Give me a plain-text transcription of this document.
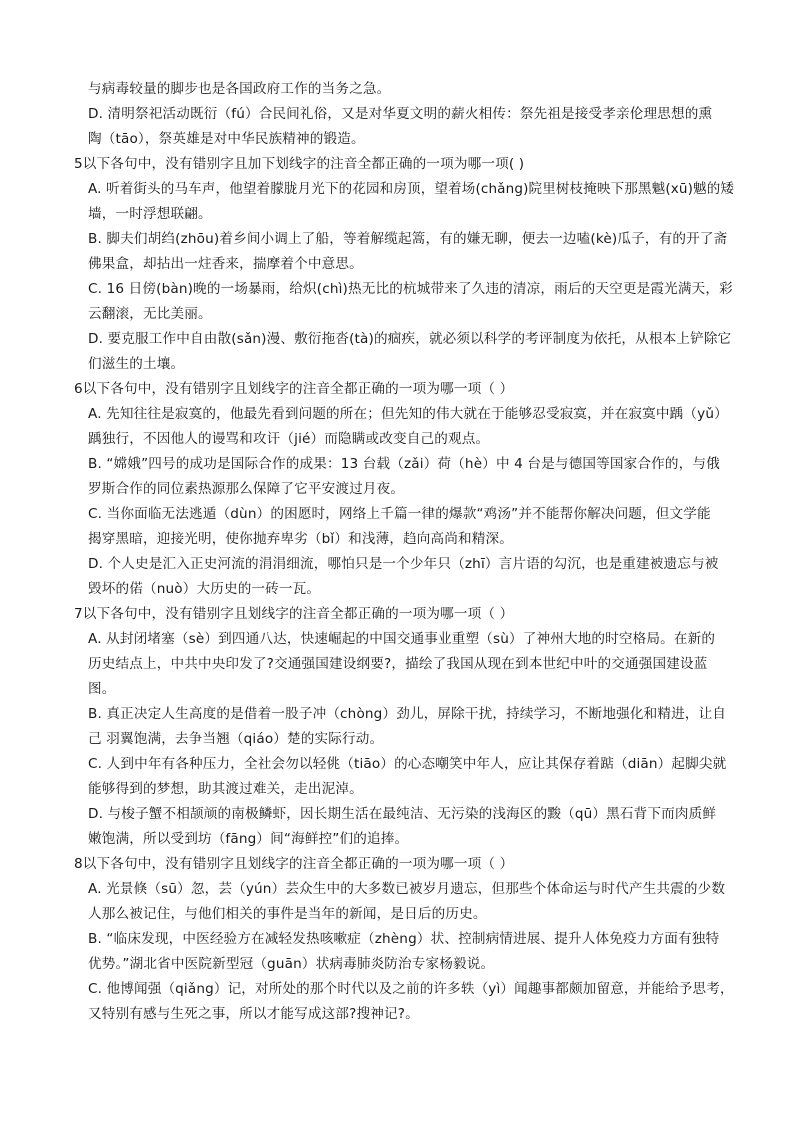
与病毒较量的脚步也是各国政府工作的当务之急。
D. 清明祭祀活动既衍（fú）合民间礼俗，又是对华夏文明的薪火相传：祭先祖是接受孝亲伦理思想的熏
陶（tāo），祭英雄是对中华民族精神的锻造。
5以下各句中，没有错别字且加下划线字的注音全都正确的一项为哪一项( )
A. 听着街头的马车声，他望着朦胧月光下的花园和房顶，望着场(chǎng)院里树枝掩映下那黑魆(xū)魆的矮
墙，一时浮想联翩。
B. 脚夫们胡绉(zhōu)着乡间小调上了船，等着解缆起篙，有的嫌无聊，便去一边嗑(kè)瓜子，有的开了斋
佛果盒，却拈出一炷香来，揣摩着个中意思。
C. 16 日傍(bàn)晚的一场暴雨，给炽(chì)热无比的杭城带来了久违的清凉，雨后的天空更是霞光满天，彩
云翻滚，无比美丽。
D. 要克服工作中自由散(sǎn)漫、敷衍拖沓(tà)的痼疾，就必须以科学的考评制度为依托，从根本上铲除它
们滋生的土壤。
6以下各句中，没有错别字且划线字的注音全都正确的一项为哪一项（ ）
A. 先知往往是寂寞的，他最先看到问题的所在；但先知的伟大就在于能够忍受寂寞，并在寂寞中踽（yǔ）
踽独行，不因他人的谩骂和攻讦（jié）而隐瞒或改变自己的观点。
B. “嫦娥”四号的成功是国际合作的成果：13 台载（zǎi）荷（hè）中 4 台是与德国等国家合作的，与俄
罗斯合作的同位素热源那么保障了它平安渡过月夜。
C. 当你面临无法逃遁（dùn）的困愿时，网络上千篇一律的爆款“鸡汤”并不能帮你解决问题，但文学能
揭穿黑暗，迎接光明，使你抛弃卑劣（bǐ）和浅薄，趋向高尚和精深。
D. 个人史是汇入正史河流的涓涓细流，哪怕只是一个少年只（zhī）言片语的勾沉，也是重建被遗忘与被
毁坏的偌（nuò）大历史的一砖一瓦。
7以下各句中，没有错别字且划线字的注音全都正确的一项为哪一项（ ）
A. 从封闭堵塞（sè）到四通八达，快速崛起的中国交通事业重塑（sù）了神州大地的时空格局。在新的
历史结点上，中共中央印发了?交通强国建设纲要?，描绘了我国从现在到本世纪中叶的交通强国建设蓝
图。
B. 真正决定人生高度的是借着一股子冲（chòng）劲儿，屏除干扰，持续学习，不断地强化和精进，让自
己 羽翼饱满，去争当翘（qiáo）楚的实际行动。
C. 人到中年有各种压力，全社会勿以轻佻（tiāo）的心态嘲笑中年人，应让其保存着踮（diān）起脚尖就
能够得到的梦想，助其渡过难关，走出泥淖。
D. 与梭子蟹不相颉颃的南极鳞虾，因长期生活在最纯洁、无污染的浅海区的黢（qū）黑石背下而肉质鲜
嫩饱满，所以受到坊（fāng）间“海鲜控”们的追捧。
8以下各句中，没有错别字且划线字的注音全都正确的一项为哪一项（ ）
A. 光景倏（sū）忽，芸（yún）芸众生中的大多数已被岁月遗忘，但那些个体命运与时代产生共震的少数
人那么被记住，与他们相关的事件是当年的新闻，是日后的历史。
B. “临床发现，中医经验方在减轻发热咳嗽症（zhèng）状、控制病情进展、提升人体免疫力方面有独特
优势。”湖北省中医院新型冠（guān）状病毒肺炎防治专家杨毅说。
C. 他博闻强（qiǎng）记，对所处的那个时代以及之前的许多轶（yì）闻趣事都颇加留意，并能给予思考，
又特别有感与生死之事，所以才能写成这部?搜神记?。
